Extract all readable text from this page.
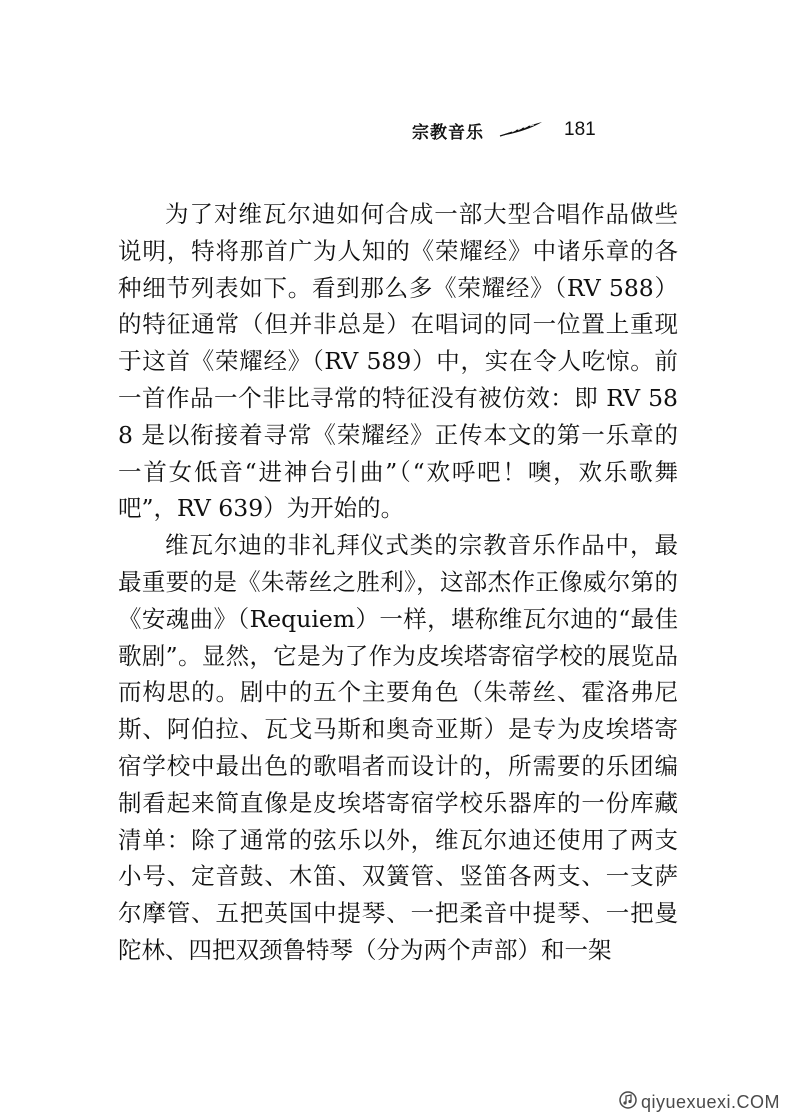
宗教音乐	181

为了对维瓦尔迪如何合成一部大型合唱作品做些说明，特将那首广为人知的《荣耀经》中诸乐章的各种细节列表如下。看到那么多《荣耀经》（RV 588）的特征通常（但并非总是）在唱词的同一位置上重现于这首《荣耀经》（RV 589）中，实在令人吃惊。前一首作品一个非比寻常的特征没有被仿效：即 RV 588 是以衔接着寻常《荣耀经》正传本文的第一乐章的一首女低音“进神台引曲”（“欢呼吧！噢，欢乐歌舞吧”，RV 639）为开始的。

维瓦尔迪的非礼拜仪式类的宗教音乐作品中，最最重要的是《朱蒂丝之胜利》，这部杰作正像威尔第的《安魂曲》（Requiem）一样，堪称维瓦尔迪的“最佳歌剧”。显然，它是为了作为皮埃塔寄宿学校的展览品而构思的。剧中的五个主要角色（朱蒂丝、霍洛弗尼斯、阿伯拉、瓦戈马斯和奥奇亚斯）是专为皮埃塔寄宿学校中最出色的歌唱者而设计的，所需要的乐团编制看起来简直像是皮埃塔寄宿学校乐器库的一份库藏清单：除了通常的弦乐以外，维瓦尔迪还使用了两支小号、定音鼓、木笛、双簧管、竖笛各两支、一支萨尔摩管、五把英国中提琴、一把柔音中提琴、一把曼陀林、四把双颈鲁特琴（分为两个声部）和一架

qiyuexuexi.COM
